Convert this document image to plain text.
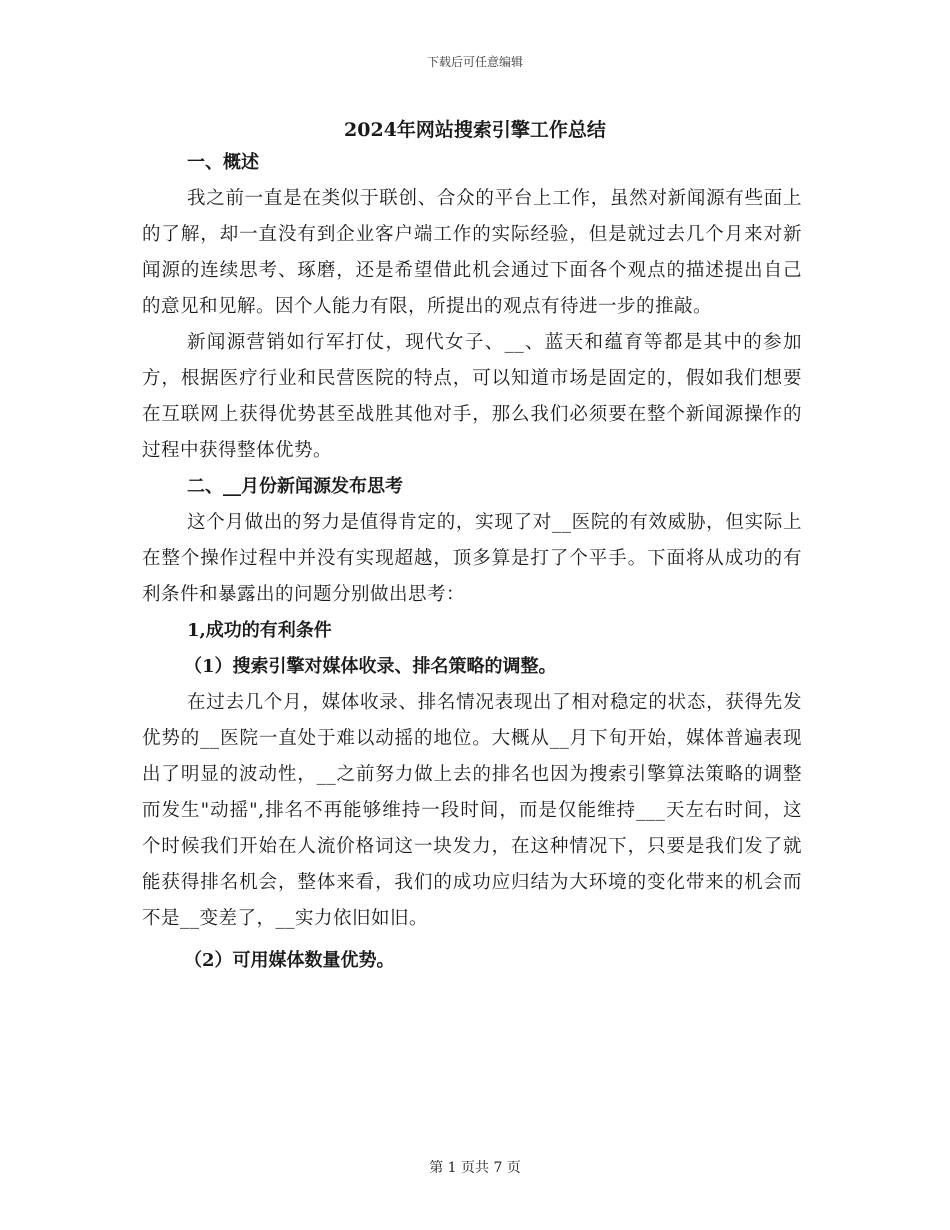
下载后可任意编辑
2024年网站搜索引擎工作总结

一、概述

我之前一直是在类似于联创、合众的平台上工作，虽然对新闻源有些面上的了解，却一直没有到企业客户端工作的实际经验，但是就过去几个月来对新闻源的连续思考、琢磨，还是希望借此机会通过下面各个观点的描述提出自己的意见和见解。因个人能力有限，所提出的观点有待进一步的推敲。

新闻源营销如行军打仗，现代女子、__、蓝天和蕴育等都是其中的参加方，根据医疗行业和民营医院的特点，可以知道市场是固定的，假如我们想要在互联网上获得优势甚至战胜其他对手，那么我们必须要在整个新闻源操作的过程中获得整体优势。

二、__月份新闻源发布思考

这个月做出的努力是值得肯定的，实现了对__医院的有效威胁，但实际上在整个操作过程中并没有实现超越，顶多算是打了个平手。下面将从成功的有利条件和暴露出的问题分别做出思考：

1,成功的有利条件

（1）搜索引擎对媒体收录、排名策略的调整。

在过去几个月，媒体收录、排名情况表现出了相对稳定的状态，获得先发优势的__医院一直处于难以动摇的地位。大概从__月下旬开始，媒体普遍表现出了明显的波动性，__之前努力做上去的排名也因为搜索引擎算法策略的调整而发生"动摇",排名不再能够维持一段时间，而是仅能维持___天左右时间，这个时候我们开始在人流价格词这一块发力，在这种情况下，只要是我们发了就能获得排名机会，整体来看，我们的成功应归结为大环境的变化带来的机会而不是__变差了，__实力依旧如旧。

（2）可用媒体数量优势。

第 1 页共 7 页
